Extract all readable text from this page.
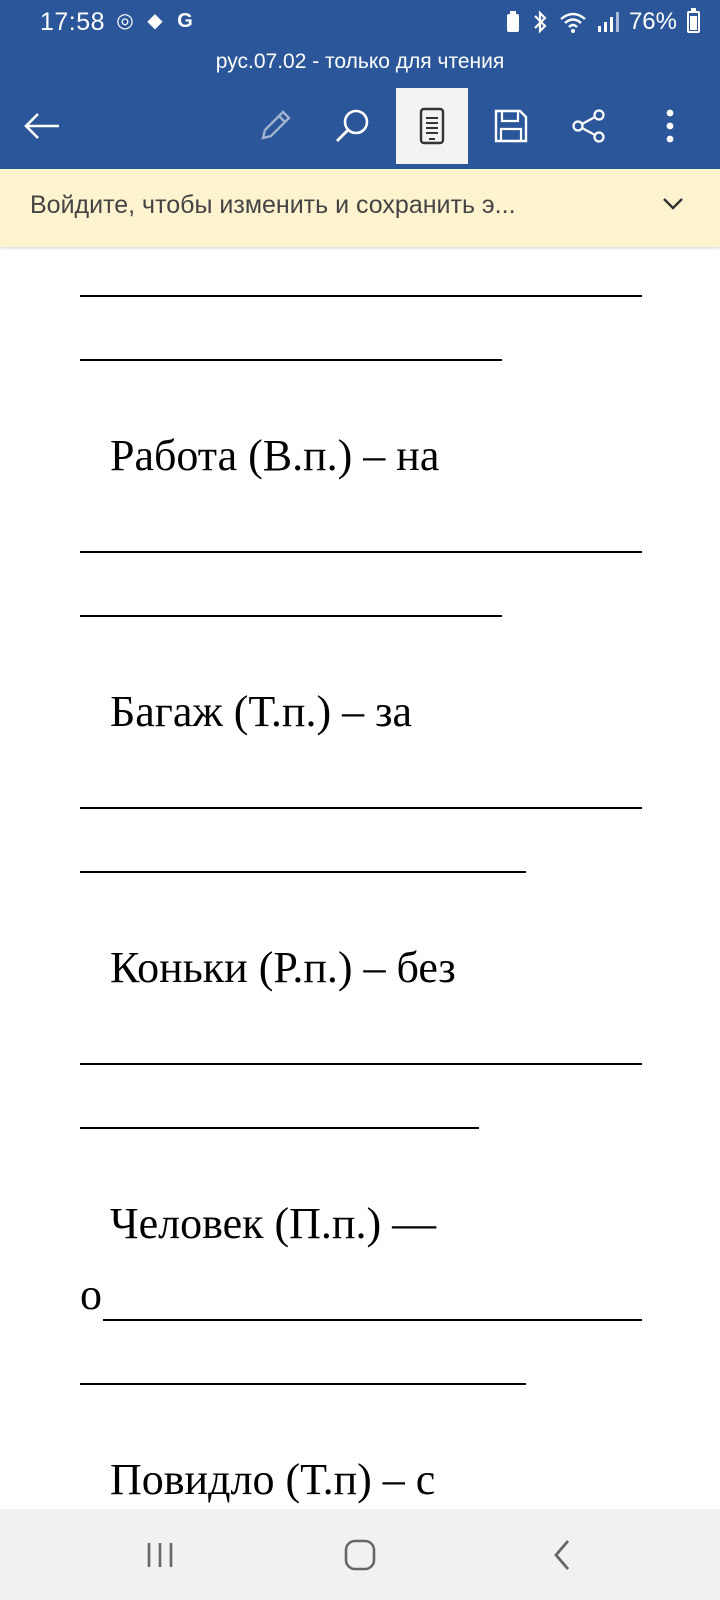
17:58 ◎ ◆ G	76%
рус.07.02 - только для чтения
Войдите, чтобы изменить и сохранить э...
Работа (В.п.) – на
Багаж (Т.п.) – за
Коньки (Р.п.) – без
Человек (П.п.) —
о
Повидло (Т.п) – с
